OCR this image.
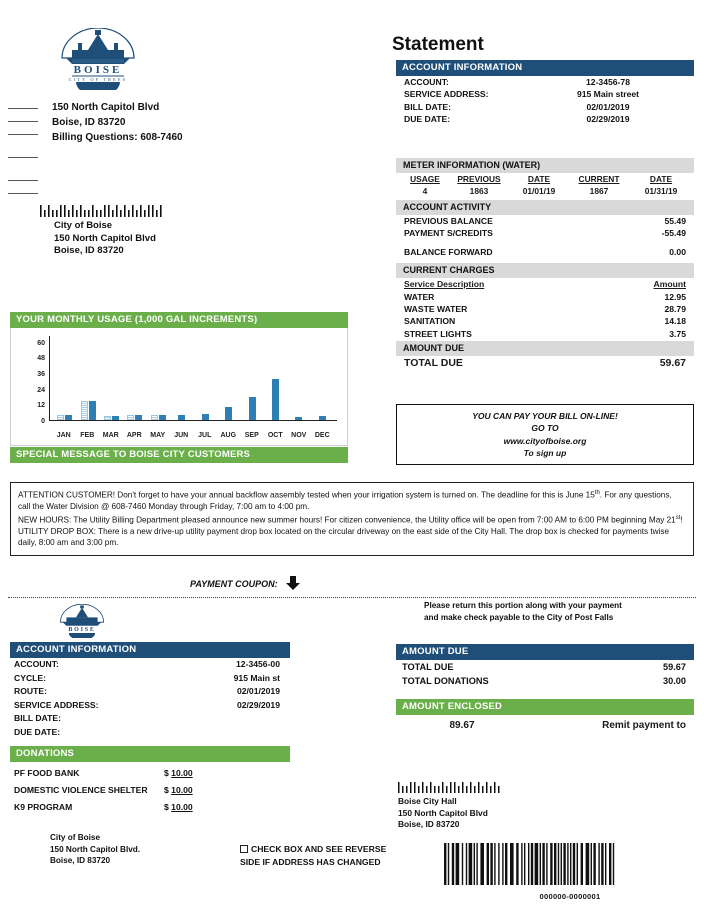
BOISE
CITY OF TREES
150 North Capitol Blvd
Boise, ID 83720
Billing Questions: 608-7460
City of Boise
150 North Capitol Blvd
Boise, ID 83720
YOUR MONTHLY USAGE (1,000 GAL INCREMENTS)
0
12
24
36
48
60
JAN	FEB	MAR	APR	MAY	JUN	JUL	AUG	SEP	OCT	NOV	DEC
SPECIAL MESSAGE TO BOISE CITY CUSTOMERS

ATTENTION CUSTOMER! Don't forget to have your annual backflow aasembly tested when your irrigation system is turned on. The deadline for this is June 15th. For any questions, call the Water Division @ 608-7460 Monday through Friday, 7:00 am to 4:00 pm.

NEW HOURS: The Utility Billing Department pleased announce new summer hours! For citizen convenience, the Utility office will be open from 7:00 AM to 6:00 PM beginning May 21st!

UTILITY DROP BOX: There is a new drive-up utility payment drop box located on the circular driveway on the east side of the City Hall. The drop box is checked for payments twise daily, 8:00 am and 3:00 pm.

Statement
ACCOUNT INFORMATION
ACCOUNT:	12-3456-78
SERVICE ADDRESS:	915 Main street
BILL DATE:	02/01/2019
DUE DATE:	02/29/2019
METER INFORMATION (WATER)
USAGE	PREVIOUS	DATE	CURRENT	DATE
4	1863	01/01/19	1867	01/31/19
ACCOUNT ACTIVITY
PREVIOUS BALANCE	55.49
PAYMENT S/CREDITS	-55.49
BALANCE FORWARD	0.00
CURRENT CHARGES
Service Description	Amount
WATER	12.95
WASTE WATER	28.79
SANITATION	14.18
STREET LIGHTS	3.75
AMOUNT DUE
TOTAL DUE	59.67
YOU CAN PAY YOUR BILL ON-LINE!
GO TO
www.cityofboise.org
To sign up
PAYMENT COUPON:
BOISE
ACCOUNT INFORMATION
ACCOUNT:	12-3456-00
CYCLE:	915 Main st
ROUTE:	02/01/2019
SERVICE ADDRESS:	02/29/2019
BILL DATE:
DUE DATE:
DONATIONS
PF FOOD BANK	$ 10.00
DOMESTIC VIOLENCE SHELTER	$ 10.00
K9 PROGRAM	$ 10.00
City of Boise
150 North Capitol Blvd.
Boise, ID 83720
CHECK BOX AND SEE REVERSE
SIDE IF ADDRESS HAS CHANGED
Please return this portion along with your payment
and make check payable to the City of Post Falls
AMOUNT DUE
TOTAL DUE	59.67
TOTAL DONATIONS	30.00
AMOUNT ENCLOSED
89.67	Remit payment to
Boise City Hall
150 North Capitol Blvd
Boise, ID 83720
000000-0000001
